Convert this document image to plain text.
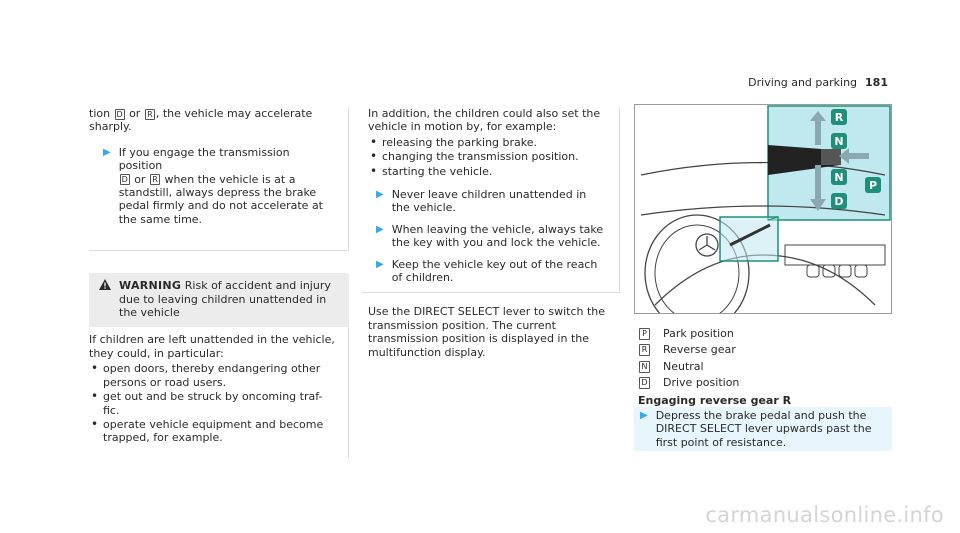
Driving and parking 181

tion D or R , the vehicle may accelerate sharply.

▶ If you engage the transmission position
D or R when the vehicle is at a standstill, always depress the brake pedal firmly and do not accelerate at the same time.

WARNING Risk of accident and injury due to leaving children unattended in the vehicle

If children are left unattended in the vehicle, they could, in particular:

• open doors, thereby endangering other persons or road users.
• get out and be struck by oncoming traf-fic.
• operate vehicle equipment and become trapped, for example.

In addition, the children could also set the vehicle in motion by, for example:

• releasing the parking brake.
• changing the transmission position.
• starting the vehicle.
▶ Never leave children unattended in the vehicle.

▶ When leaving the vehicle, always take the key with you and lock the vehicle.

▶ Keep the vehicle key out of the reach of children.

Use the DIRECT SELECT lever to switch the transmission position. The current transmission position is displayed in the multifunction display.

R
N
N
P
D
P Park position
R Reverse gear
N Neutral
D Drive position

Engaging reverse gear R

▶ Depress the brake pedal and push the DIRECT SELECT lever upwards past the first point of resistance.

carmanualsonline.info
